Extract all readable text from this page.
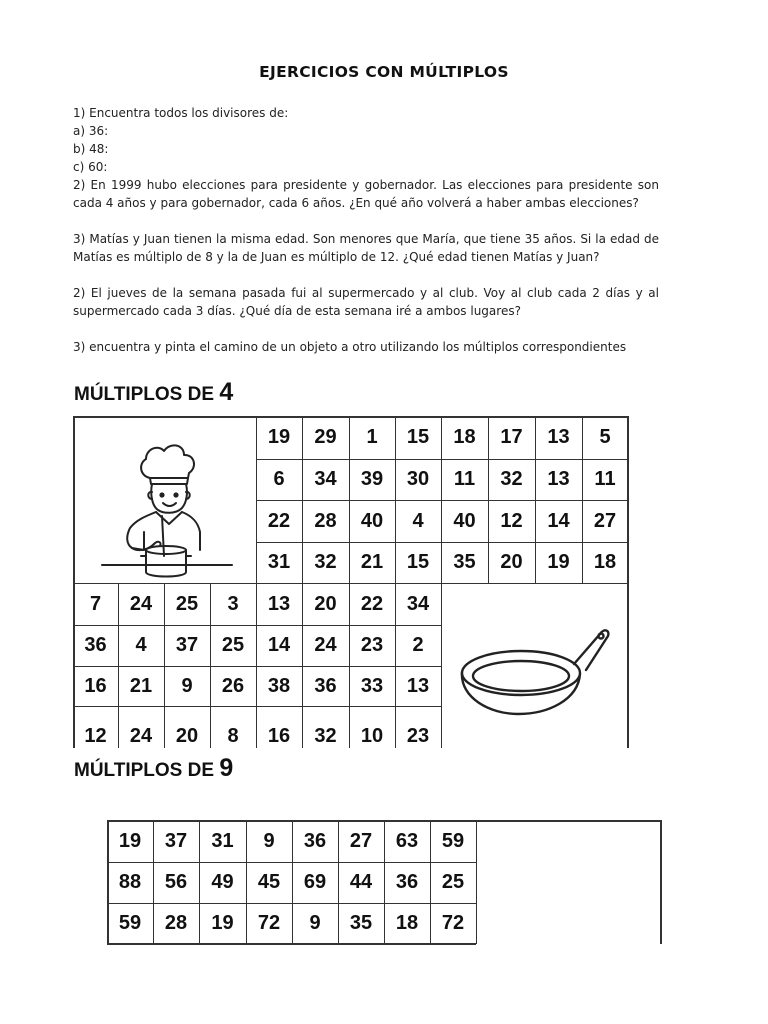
EJERCICIOS CON MÚLTIPLOS

1) Encuentra todos los divisores de:

a) 36:

b) 48:

c) 60:

2) En 1999 hubo elecciones para presidente y gobernador. Las elecciones para presidente son

cada 4 años y para gobernador, cada 6 años. ¿En qué año volverá a haber ambas elecciones?

3) Matías y Juan tienen la misma edad. Son menores que María, que tiene 35 años. Si la edad de

Matías es múltiplo de 8 y la de Juan es múltiplo de 12. ¿Qué edad tienen Matías y Juan?

2) El jueves de la semana pasada fui al supermercado y al club. Voy al club cada 2 días y al

supermercado cada 3 días. ¿Qué día de esta semana iré a ambos lugares?

3) encuentra y pinta el camino de un objeto a otro utilizando los múltiplos correspondientes

MÚLTIPLOS DE 4
MÚLTIPLOS DE 9
19	29	1	15	18	17	13	5
6	34	39	30	11	32	13	11
22	28	40	4	40	12	14	27
31	32	21	15	35	20	19	18
7	24	25	3	13	20	22	34
36	4	37	25	14	24	23	2
16	21	9	26	38	36	33	13
12	24	20	8	16	32	10	23
19	37	31	9	36	27	63	59
88	56	49	45	69	44	36	25
59	28	19	72	9	35	18	72
